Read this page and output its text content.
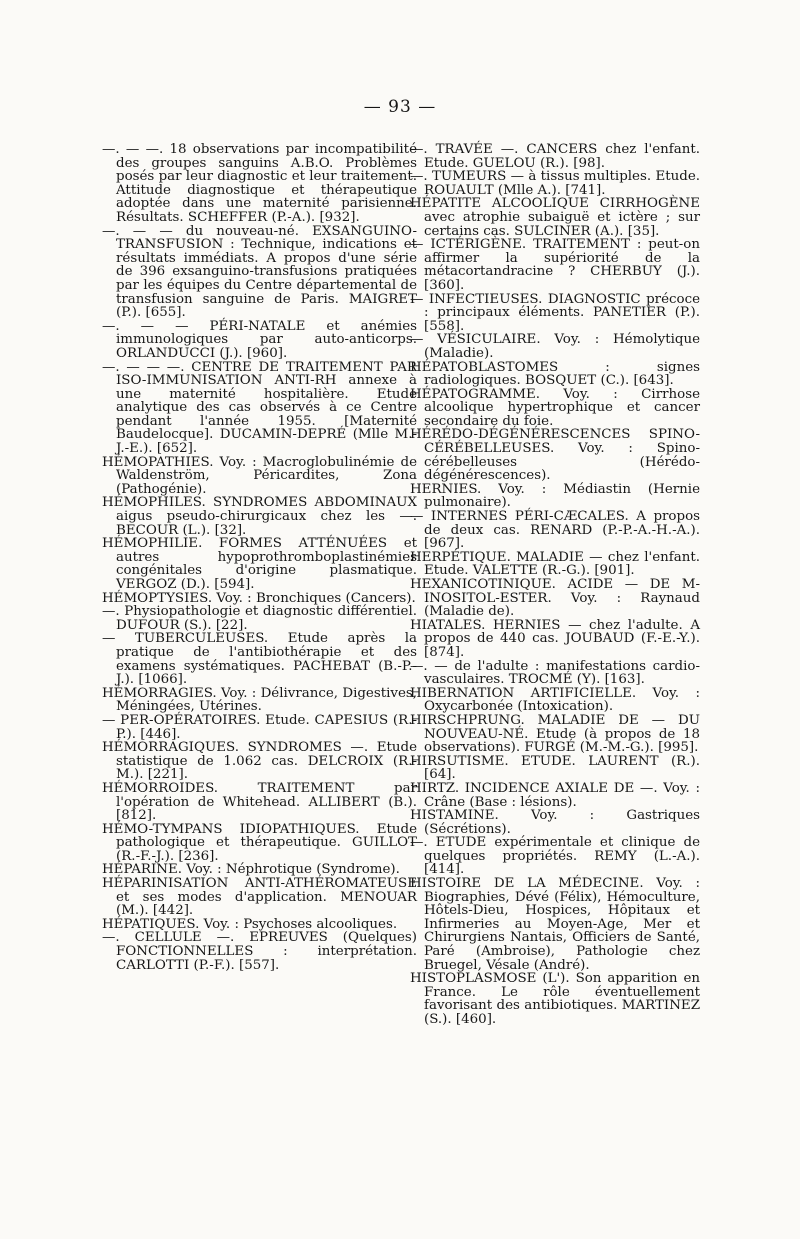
— 93 —

—. — —. 18 observations par incompatibilité des groupes sanguins A.B.O. Problèmes posés par leur diagnostic et leur traitement. Attitude diagnostique et thérapeutique adoptée dans une maternité parisienne. Résultats. SCHEFFER (P.-A.). [932].

—. — — du nouveau-né. EXSANGUINO-TRANSFUSION : Technique, indications et résultats immédiats. A propos d'une série de 396 exsanguino-transfusions pratiquées par les équipes du Centre départemental de transfusion sanguine de Paris. MAIGRET (P.). [655].

—. — — PÉRI-NATALE et anémies immunologiques par auto-anticorps. ORLANDUCCI (J.). [960].

—. — — —. CENTRE DE TRAITEMENT PAR ISO-IMMUNISATION ANTI-RH annexe à une maternité hospitalière. Etude analytique des cas observés à ce Centre pendant l'année 1955. [Maternité Baudelocque]. DUCAMIN-DEPRÉ (Mlle M.-J.-E.). [652].

HÉMOPATHIES. Voy. : Macroglobulinémie de Waldenström, Péricardites, Zona (Pathogénie).

HÉMOPHILES. SYNDROMES ABDOMINAUX aigus pseudo-chirurgicaux chez les —. BECOUR (L.). [32].

HÉMOPHILIE. FORMES ATTÉNUÉES et autres hypoprothromboplastinémies congénitales d'origine plasmatique. VERGOZ (D.). [594].

HÉMOPTYSIES. Voy. : Bronchiques (Cancers).

—. Physiopathologie et diagnostic différentiel. DUFOUR (S.). [22].

— TUBERCULEUSES. Etude après la pratique de l'antibiothérapie et des examens systématiques. PACHEBAT (B.-P.-J.). [1066].

HÉMORRAGIES. Voy. : Délivrance, Digestives, Méningées, Utérines.

— PER-OPÉRATOIRES. Etude. CAPESIUS (R.-P.). [446].

HÉMORRAGIQUES. SYNDROMES —. Etude statistique de 1.062 cas. DELCROIX (R.-M.). [221].

HÉMORROIDES. TRAITEMENT par l'opération de Whitehead. ALLIBERT (B.). [812].

HÉMO-TYMPANS IDIOPATHIQUES. Etude pathologique et thérapeutique. GUILLOT (R.-F.-J.). [236].

HÉPARINE. Voy. : Néphrotique (Syndrome).

HÉPARINISATION ANTI-ATHÉROMATEUSE et ses modes d'application. MENOUAR (M.). [442].

HÉPATIQUES. Voy. : Psychoses alcooliques.

—. CELLULE —. EPREUVES (Quelques) FONCTIONNELLES : interprétation. CARLOTTI (P.-F.). [557].

—. TRAVÉE —. CANCERS chez l'enfant. Etude. GUELOU (R.). [98].

—. TUMEURS — à tissus multiples. Etude. ROUAULT (Mlle A.). [741].

HÉPATITE ALCOOLIQUE CIRRHOGÈNE avec atrophie subaiguë et ictère ; sur certains cas. SULCINER (A.). [35].

— ICTÉRIGÈNE. TRAITEMENT : peut-on affirmer la supériorité de la métacortandracine ? CHERBUY (J.). [360].

— INFECTIEUSES. DIAGNOSTIC précoce : principaux éléments. PANETIER (P.). [558].

— VÉSICULAIRE. Voy. : Hémolytique (Maladie).

HÉPATOBLASTOMES : signes radiologiques. BOSQUET (C.). [643].

HÉPATOGRAMME. Voy. : Cirrhose alcoolique hypertrophique et cancer secondaire du foie.

HÉRÉDO-DÉGÉNÉRESCENCES SPINO-CÉRÉBELLEUSES. Voy. : Spino-cérébelleuses (Hérédo-dégénérescences).

HERNIES. Voy. : Médiastin (Hernie pulmonaire).

— INTERNES PÉRI-CÆCALES. A propos de deux cas. RENARD (P.-P.-A.-H.-A.). [967].

HERPÉTIQUE. MALADIE — chez l'enfant. Etude. VALETTE (R.-G.). [901].

HEXANICOTINIQUE. ACIDE — DE M-INOSITOL-ESTER. Voy. : Raynaud (Maladie de).

HIATALES. HERNIES — chez l'adulte. A propos de 440 cas. JOUBAUD (F.-E.-Y.). [874].

—. — de l'adulte : manifestations cardio-vasculaires. TROCMÉ (Y). [163].

HIBERNATION ARTIFICIELLE. Voy. : Oxycarbonée (Intoxication).

HIRSCHPRUNG. MALADIE DE — DU NOUVEAU-NÉ. Etude (à propos de 18 observations). FURGÉ (M.-M.-G.). [995].

HIRSUTISME. ETUDE. LAURENT (R.). [64].

HIRTZ. INCIDENCE AXIALE DE —. Voy. : Crâne (Base : lésions).

HISTAMINE. Voy. : Gastriques (Sécrétions).

—. ETUDE expérimentale et clinique de quelques propriétés. REMY (L.-A.). [414].

HISTOIRE DE LA MÉDECINE. Voy. : Biographies, Dévé (Félix), Hémoculture, Hôtels-Dieu, Hospices, Hôpitaux et Infirmeries au Moyen-Age, Mer et Chirurgiens Nantais, Officiers de Santé, Paré (Ambroise), Pathologie chez Bruegel, Vésale (André).

HISTOPLASMOSE (L'). Son apparition en France. Le rôle éventuellement favorisant des antibiotiques. MARTINEZ (S.). [460].
